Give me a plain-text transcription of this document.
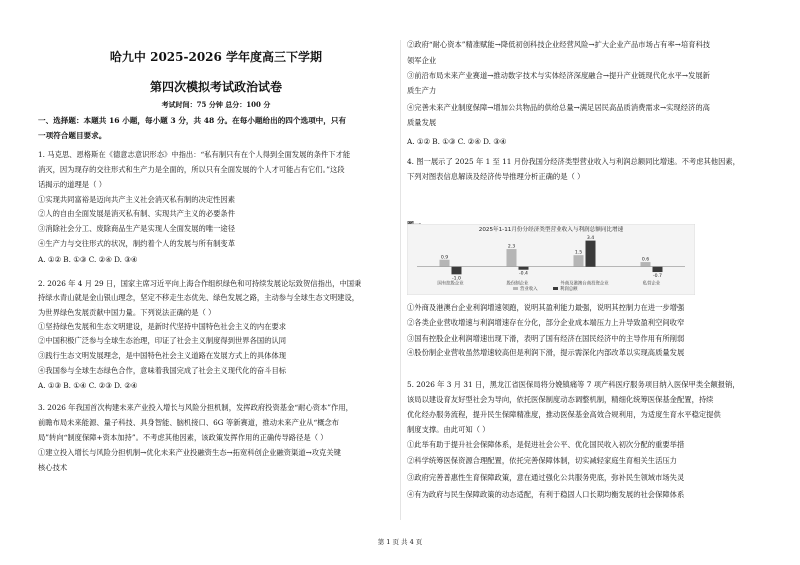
哈九中 2025-2026 学年度高三下学期
第四次模拟考试政治试卷
考试时间：75 分钟 总分：100 分
一、选择题：本题共 16 小题，每小题 3 分，共 48 分。在每小题给出的四个选项中，只有
一项符合题目要求。
1. 马克思、恩格斯在《德意志意识形态》中指出：“私有制只有在个人得到全面发展的条件下才能
消灭，因为现存的交往形式和生产力是全面的，所以只有全面发展的个人才可能占有它们。”这段
话揭示的道理是（ ）
①实现共同富裕是迈向共产主义社会消灭私有制的决定性因素
②人的自由全面发展是消灭私有制、实现共产主义的必要条件
③消除社会分工、废除商品生产是实现人全面发展的唯一途径
④生产力与交往形式的状况，制约着个人的发展与所有制变革
A. ①② B. ①③ C. ②④ D. ③④
2. 2026 年 4 月 29 日，国家主席习近平向上海合作组织绿色和可持续发展论坛致贺信指出，中国秉
持绿水青山就是金山银山理念，坚定不移走生态优先、绿色发展之路，主动参与全球生态文明建设，
为世界绿色发展贡献中国力量。下列说法正确的是（ ）
①坚持绿色发展和生态文明建设，是新时代坚持中国特色社会主义的内在要求
②中国积极广泛参与全球生态治理，印证了社会主义制度得到世界各国的认同
③践行生态文明发展理念，是中国特色社会主义道路在发展方式上的具体体现
④我国参与全球生态绿色合作，意味着我国完成了社会主义现代化的奋斗目标
A. ①③ B. ①④ C. ②③ D. ②④
3. 2026 年我国首次构建未来产业投入增长与风险分担机制，发挥政府投资基金“耐心资本”作用，
前瞻布局未来能源、量子科技、具身智能、脑机接口、6G 等新赛道，推动未来产业从“概念布
局”转向“制度保障+资本加持”。不考虑其他因素，该政策发挥作用的正确传导路径是（ ）
①建立投入增长与风险分担机制→优化未来产业投融资生态→拓宽科创企业融资渠道→攻克关键
核心技术
②政府“耐心资本”精准赋能→降低初创科技企业经营风险→扩大企业产品市场占有率→培育科技
领军企业
③前沿布局未来产业赛道→推动数字技术与实体经济深度融合→提升产业链现代化水平→发展新
质生产力
④完善未来产业制度保障→增加公共物品的供给总量→满足居民高品质消费需求→实现经济的高
质量发展
A. ①② B. ①③ C. ②④ D. ③④
4. 图一展示了 2025 年 1 至 11 月份我国分经济类型营业收入与利润总额同比增速。不考虑其他因素，
下列对图表信息解读及经济传导推理分析正确的是（ ）
①外商及港澳台企业利润增速领跑，说明其盈利能力最强，说明其控制力在进一步增强
②各类企业营收增速与利润增速存在分化，部分企业成本端压力上升导致盈利空间收窄
③国有控股企业利润增速出现下滑，表明了国有经济在国民经济中的主导作用有所削弱
④股份制企业营收虽然增速较高但是利润下滑，提示需深化内部改革以实现高质量发展
5. 2026 年 3 月 31 日，黑龙江省医保局将分娩镇痛等 7 项产科医疗服务项目纳入医保甲类全额报销，
该局以建设育友好型社会为导向，依托医保制度动态调整机制，精细化统筹医保基金配置，持续
优化经办服务流程，提升民生保障精准度，推动医保基金高效合规利用，为适度生育水平稳定提供
制度支撑。由此可知（ ）
①此举有助于提升社会保障体系，是促进社会公平、优化国民收入初次分配的重要举措
②科学统筹医保资源合理配置，依托完善保障体制，切实减轻家庭生育相关生活压力
③政府完善普惠性生育保障政策，意在通过强化公共服务兜底，弥补民生领域市场失灵
④有为政府与民生保障政策的动态适配，有利于稳固人口长期均衡发展的社会保障体系
2025年1-11月份分经济类型营业收入与利润总额同比增速
0.9
-1.0
国有控股企业
2.3
-0.4
股份制企业
1.5
3.4
外商及港澳台商投资企业
0.6
-0.7
私营企业
营业收入	利润总额
第 1 页 共 4 页
